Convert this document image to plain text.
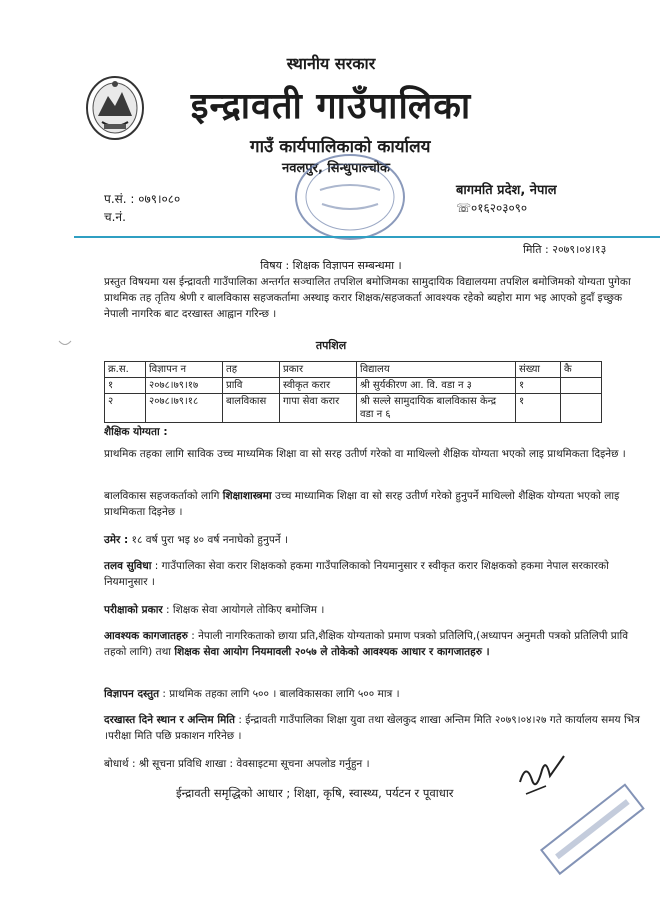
स्थानीय सरकार
इन्द्रावती गाउँपालिका
गाउँ कार्यपालिकाको कार्यालय
नवलपुर, सिन्धुपाल्चोक
प.सं. : ०७९।०८०
च.नं.
बागमति प्रदेश, नेपाल
☏०१६२०३०९०
मिति : २०७९।०४।१३
विषय : शिक्षक विज्ञापन सम्बन्धमा ।
प्रस्तुत विषयमा यस ईन्द्रावती गाउँपालिका अन्तर्गत सञ्चालित तपशिल बमोजिमका सामुदायिक विद्यालयमा तपशिल बमोजिमको योग्यता पुगेका प्राथमिक तह तृतिय श्रेणी र बालविकास सहजकर्तामा अस्थाइ करार शिक्षक/सहजकर्ता आवश्यक रहेको ब्यहोरा माग भइ आएको हुदाँ इच्छुक नेपाली नागरिक बाट दरखास्त आह्वान गरिन्छ ।
तपशिल
क्र.स.	विज्ञापन न	तह	प्रकार	विद्यालय	संख्या	कै
१	२०७८।७९।१७	प्रावि	स्वीकृत करार	श्री सुर्यकीरण आ. वि. वडा न ३	१	
२	२०७८।७९।१८	बालविकास	गापा सेवा करार	श्री सल्ले सामुदायिक बालविकास केन्द्र वडा न ६	१	
शैक्षिक योग्यता :
प्राथमिक तहका लागि साविक उच्च माध्यमिक शिक्षा वा सो सरह उतीर्ण गरेको वा माथिल्लो शैक्षिक योग्यता भएको लाइ प्राथमिकता दिइनेछ ।
बालविकास सहजकर्ताको लागि शिक्षाशास्त्रमा उच्च माध्यामिक शिक्षा वा सो सरह उतीर्ण गरेको हुनुपर्ने माथिल्लो शैक्षिक योग्यता भएको लाइ प्राथमिकता दिइनेछ ।
उमेर : १८ वर्ष पुरा भइ ४० वर्ष ननाघेको हुनुपर्ने ।
तलव सुविधा : गाउँपालिका सेवा करार शिक्षकको हकमा गाउँपालिकाको नियमानुसार र स्वीकृत करार शिक्षकको हकमा नेपाल सरकारको नियमानुसार ।
परीक्षाको प्रकार : शिक्षक सेवा आयोगले तोकिए बमोजिम ।
आवश्यक कागजातहरु : नेपाली नागरिकताको छाया प्रति,शैक्षिक योग्यताको प्रमाण पत्रको प्रतिलिपि,(अध्यापन अनुमती पत्रको प्रतिलिपी प्रावि तहको लागि) तथा शिक्षक सेवा आयोग नियमावली २०५७ ले तोकेको आवश्यक आधार र कागजातहरु ।
विज्ञापन दस्तुत : प्राथमिक तहका लागि ५०० । बालविकासका लागि ५०० मात्र ।
दरखास्त दिने स्थान र अन्तिम मिति : ईन्द्रावती गाउँपालिका शिक्षा युवा तथा खेलकुद शाखा अन्तिम मिति २०७९।०४।२७ गते कार्यालय समय भित्र ।परीक्षा मिति पछि प्रकाशन गरिनेछ ।
बोधार्थ : श्री सूचना प्रविधि शाखा : वेवसाइटमा सूचना अपलोड गर्नुहुन ।
ईन्द्रावती समृद्धिको आधार ; शिक्षा, कृषि, स्वास्थ्य, पर्यटन र पूवाधार
